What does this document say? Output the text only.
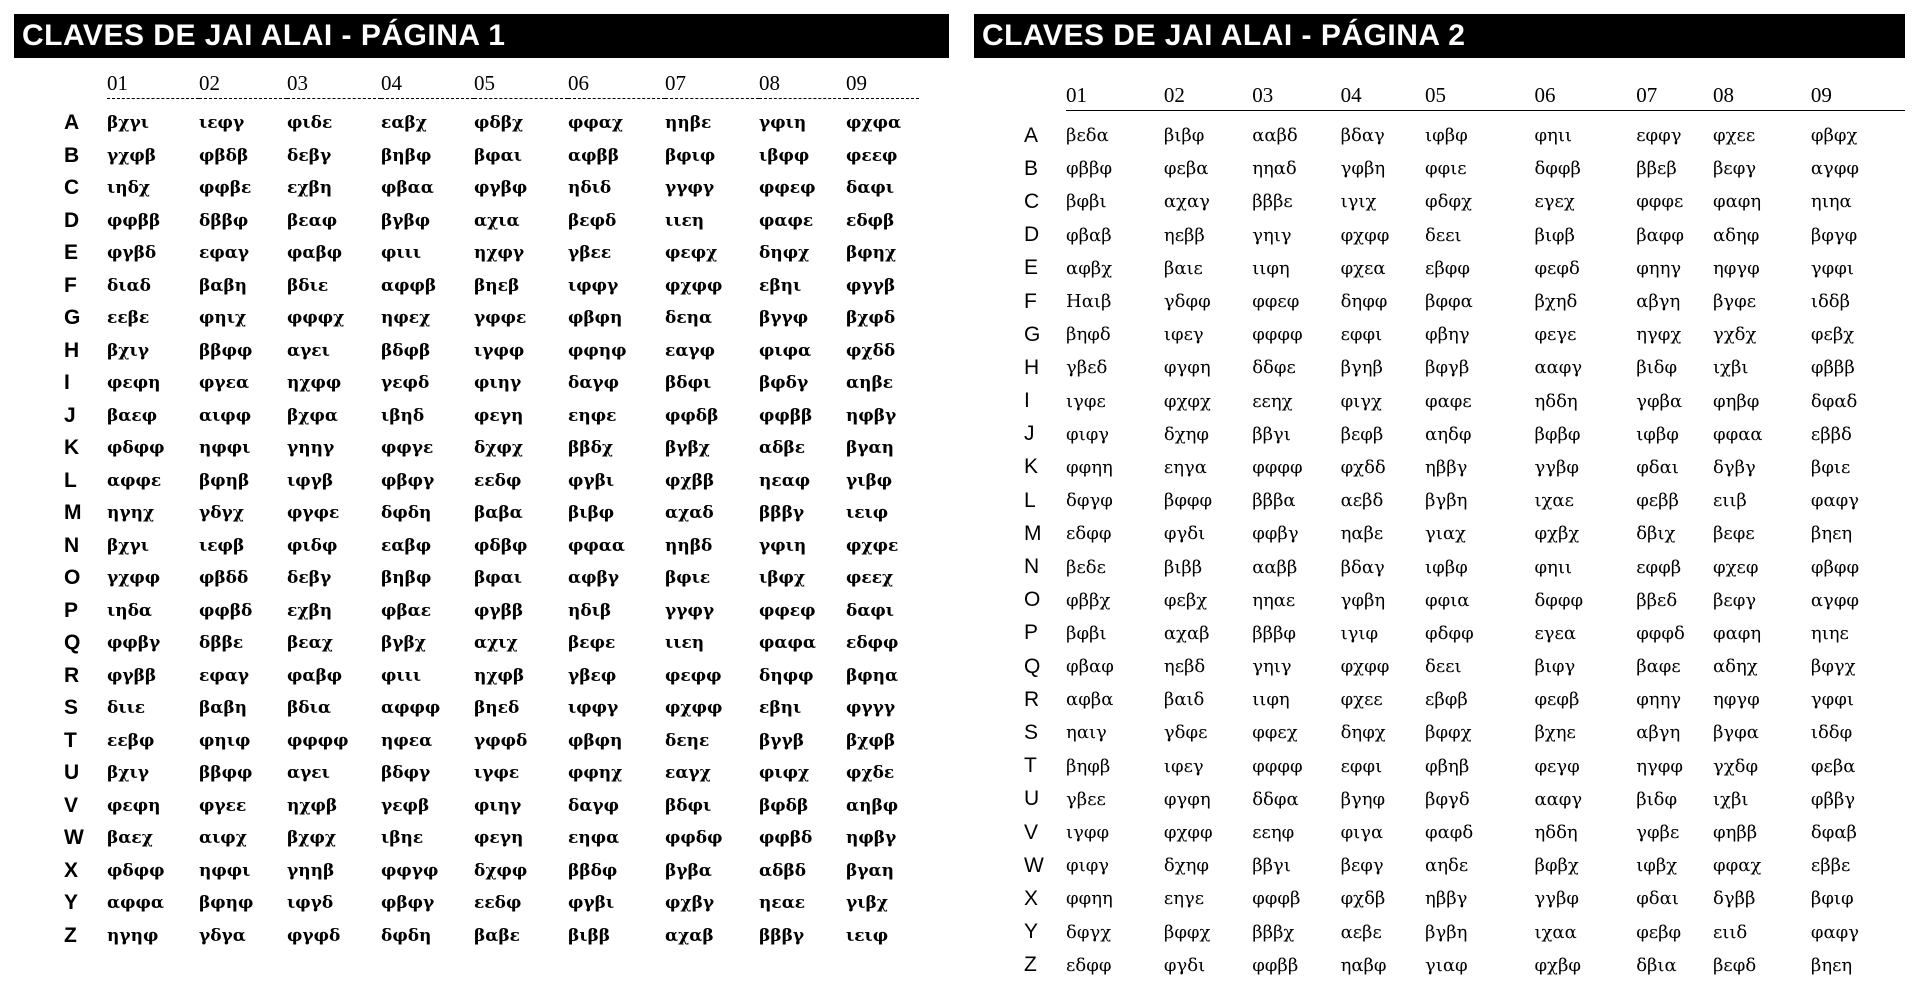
CLAVES DE JAI ALAI - PÁGINA 1
	01	02	03	04	05	06	07	08	09

A	βχγι	ιεφγ	φιδε	εαβχ	φδβχ	φφαχ	ηηβε	γφιη	φχφα
B	γχφβ	φβδβ	δεβγ	βηβφ	βφαι	αφββ	βφιφ	ιβφφ	φεεφ
C	ιηδχ	φφβε	εχβη	φβαα	φγβφ	ηδιδ	γγφγ	φφεφ	δαφι
D	φφββ	δββφ	βεαφ	βγβφ	αχια	βεφδ	ιιεη	φαφε	εδφβ
E	φγβδ	εφαγ	φαβφ	φιιι	ηχφγ	γβεε	φεφχ	δηφχ	βφηχ
F	διαδ	βαβη	βδιε	αφφβ	βηεβ	ιφφγ	φχφφ	εβηι	φγγβ
G	εεβε	φηιχ	φφφχ	ηφεχ	γφφε	φβφη	δεηα	βγγφ	βχφδ
H	βχιγ	ββφφ	αγει	βδφβ	ιγφφ	φφηφ	εαγφ	φιφα	φχδδ
I	φεφη	φγεα	ηχφφ	γεφδ	φιηγ	δαγφ	βδφι	βφδγ	αηβε
J	βαεφ	αιφφ	βχφα	ιβηδ	φεγη	εηφε	φφδβ	φφββ	ηφβγ
K	φδφφ	ηφφι	γηηγ	φφγε	δχφχ	ββδχ	βγβχ	αδβε	βγαη
L	αφφε	βφηβ	ιφγβ	φβφγ	εεδφ	φγβι	φχββ	ηεαφ	γιβφ
M	ηγηχ	γδγχ	φγφε	δφδη	βαβα	βιβφ	αχαδ	βββγ	ιειφ
N	βχγι	ιεφβ	φιδφ	εαβφ	φδβφ	φφαα	ηηβδ	γφιη	φχφε
O	γχφφ	φβδδ	δεβγ	βηβφ	βφαι	αφβγ	βφιε	ιβφχ	φεεχ
P	ιηδα	φφβδ	εχβη	φβαε	φγββ	ηδιβ	γγφγ	φφεφ	δαφι
Q	φφβγ	δββε	βεαχ	βγβχ	αχιχ	βεφε	ιιεη	φαφα	εδφφ
R	φγββ	εφαγ	φαβφ	φιιι	ηχφβ	γβεφ	φεφφ	δηφφ	βφηα
S	διιε	βαβη	βδια	αφφφ	βηεδ	ιφφγ	φχφφ	εβηι	φγγγ
T	εεβφ	φηιφ	φφφφ	ηφεα	γφφδ	φβφη	δεηε	βγγβ	βχφβ
U	βχιγ	ββφφ	αγει	βδφγ	ιγφε	φφηχ	εαγχ	φιφχ	φχδε
V	φεφη	φγεε	ηχφβ	γεφβ	φιηγ	δαγφ	βδφι	βφδβ	αηβφ
W	βαεχ	αιφχ	βχφχ	ιβηε	φεγη	εηφα	φφδφ	φφβδ	ηφβγ
X	φδφφ	ηφφι	γηηβ	φφγφ	δχφφ	ββδφ	βγβα	αδβδ	βγαη
Y	αφφα	βφηφ	ιφγδ	φβφγ	εεδφ	φγβι	φχβγ	ηεαε	γιβχ
Z	ηγηφ	γδγα	φγφδ	δφδη	βαβε	βιββ	αχαβ	βββγ	ιειφ
CLAVES DE JAI ALAI - PÁGINA 2
	01	02	03	04	05	06	07	08	09

A	βεδα	βιβφ	ααβδ	βδαγ	ιφβφ	φηιι	εφφγ	φχεε	φβφχ
B	φββφ	φεβα	ηηαδ	γφβη	φφιε	δφφβ	ββεβ	βεφγ	αγφφ
C	βφβι	αχαγ	βββε	ιγιχ	φδφχ	εγεχ	φφφε	φαφη	ηιηα
D	φβαβ	ηεββ	γηιγ	φχφφ	δεει	βιφβ	βαφφ	αδηφ	βφγφ
E	αφβχ	βαιε	ιιφη	φχεα	εβφφ	φεφδ	φηηγ	ηφγφ	γφφι
F	Ηαιβ	γδφφ	φφεφ	δηφφ	βφφα	βχηδ	αβγη	βγφε	ιδδβ
G	βηφδ	ιφεγ	φφφφ	εφφι	φβηγ	φεγε	ηγφχ	γχδχ	φεβχ
H	γβεδ	φγφη	δδφε	βγηβ	βφγβ	ααφγ	βιδφ	ιχβι	φβββ
I	ιγφε	φχφχ	εεηχ	φιγχ	φαφε	ηδδη	γφβα	φηβφ	δφαδ
J	φιφγ	δχηφ	ββγι	βεφβ	αηδφ	βφβφ	ιφβφ	φφαα	εββδ
K	φφηη	εηγα	φφφφ	φχδδ	ηββγ	γγβφ	φδαι	δγβγ	βφιε
L	δφγφ	βφφφ	βββα	αεβδ	βγβη	ιχαε	φεββ	ειιβ	φαφγ
M	εδφφ	φγδι	φφβγ	ηαβε	γιαχ	φχβχ	δβιχ	βεφε	βηεη
N	βεδε	βιββ	ααββ	βδαγ	ιφβφ	φηιι	εφφβ	φχεφ	φβφφ
O	φββχ	φεβχ	ηηαε	γφβη	φφια	δφφφ	ββεδ	βεφγ	αγφφ
P	βφβι	αχαβ	βββφ	ιγιφ	φδφφ	εγεα	φφφδ	φαφη	ηιηε
Q	φβαφ	ηεβδ	γηιγ	φχφφ	δεει	βιφγ	βαφε	αδηχ	βφγχ
R	αφβα	βαιδ	ιιφη	φχεε	εβφβ	φεφβ	φηηγ	ηφγφ	γφφι
S	ηαιγ	γδφε	φφεχ	δηφχ	βφφχ	βχηε	αβγη	βγφα	ιδδφ
T	βηφβ	ιφεγ	φφφφ	εφφι	φβηβ	φεγφ	ηγφφ	γχδφ	φεβα
U	γβεε	φγφη	δδφα	βγηφ	βφγδ	ααφγ	βιδφ	ιχβι	φββγ
V	ιγφφ	φχφφ	εεηφ	φιγα	φαφδ	ηδδη	γφβε	φηββ	δφαβ
W	φιφγ	δχηφ	ββγι	βεφγ	αηδε	βφβχ	ιφβχ	φφαχ	εββε
X	φφηη	εηγε	φφφβ	φχδβ	ηββγ	γγβφ	φδαι	δγββ	βφιφ
Y	δφγχ	βφφχ	βββχ	αεβε	βγβη	ιχαα	φεβφ	ειιδ	φαφγ
Z	εδφφ	φγδι	φφββ	ηαβφ	γιαφ	φχβφ	δβια	βεφδ	βηεη
